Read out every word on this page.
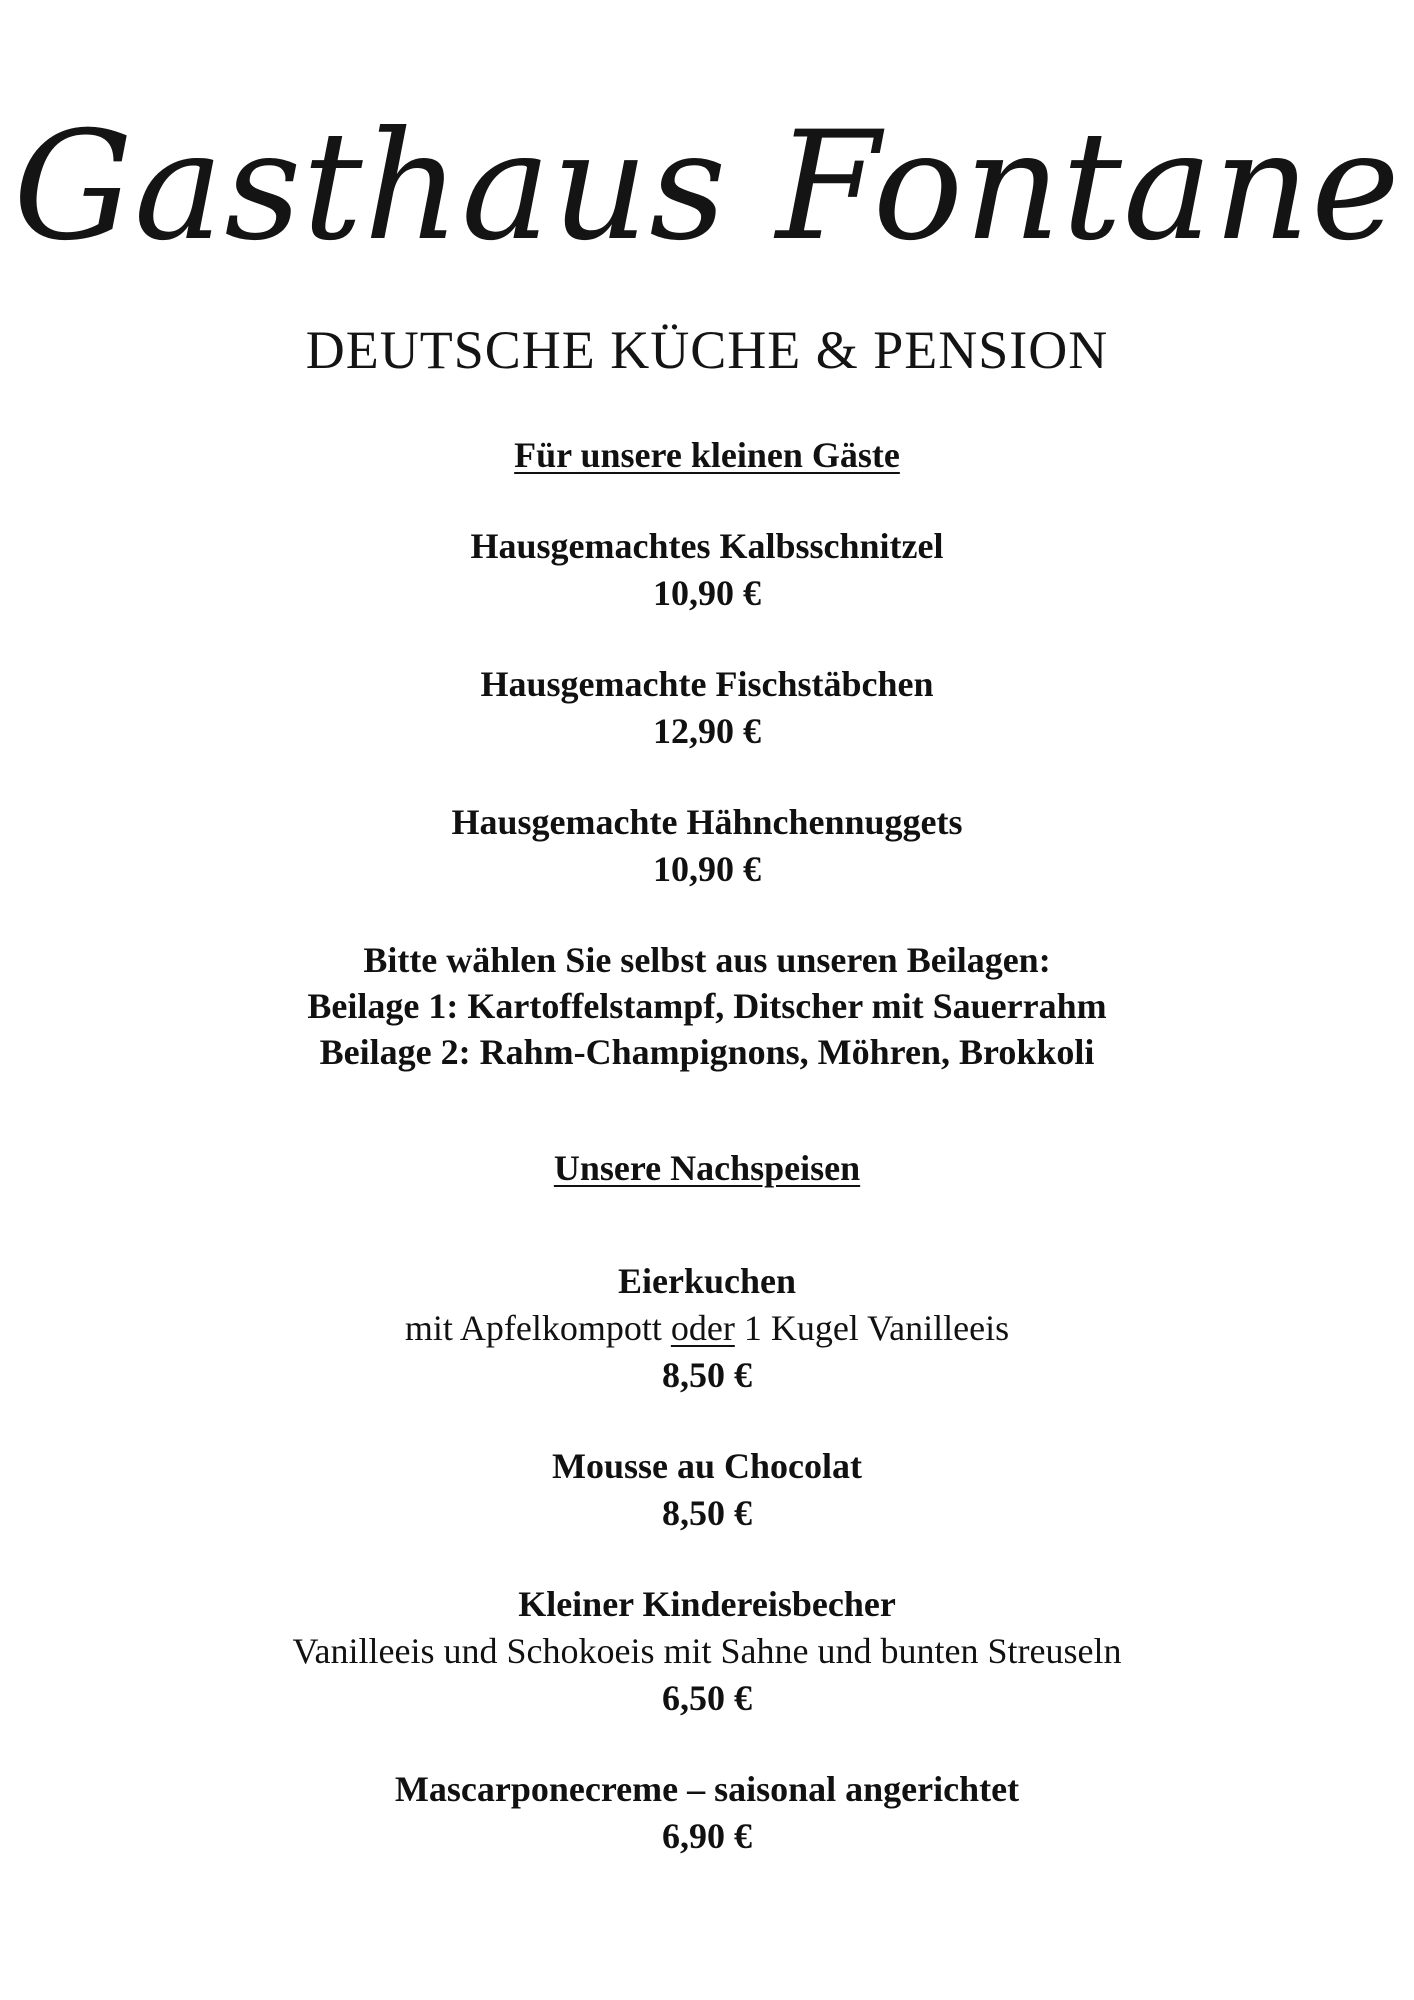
Gasthaus Fontane
DEUTSCHE KÜCHE & PENSION
Für unsere kleinen Gäste
Hausgemachtes Kalbsschnitzel
10,90 €
Hausgemachte Fischstäbchen
12,90 €
Hausgemachte Hähnchennuggets
10,90 €
Bitte wählen Sie selbst aus unseren Beilagen:
Beilage 1: Kartoffelstampf, Ditscher mit Sauerrahm
Beilage 2: Rahm-Champignons, Möhren, Brokkoli
Unsere Nachspeisen
Eierkuchen
mit Apfelkompott oder 1 Kugel Vanilleeis
8,50 €
Mousse au Chocolat
8,50 €
Kleiner Kindereisbecher
Vanilleeis und Schokoeis mit Sahne und bunten Streuseln
6,50 €
Mascarponecreme – saisonal angerichtet
6,90 €
